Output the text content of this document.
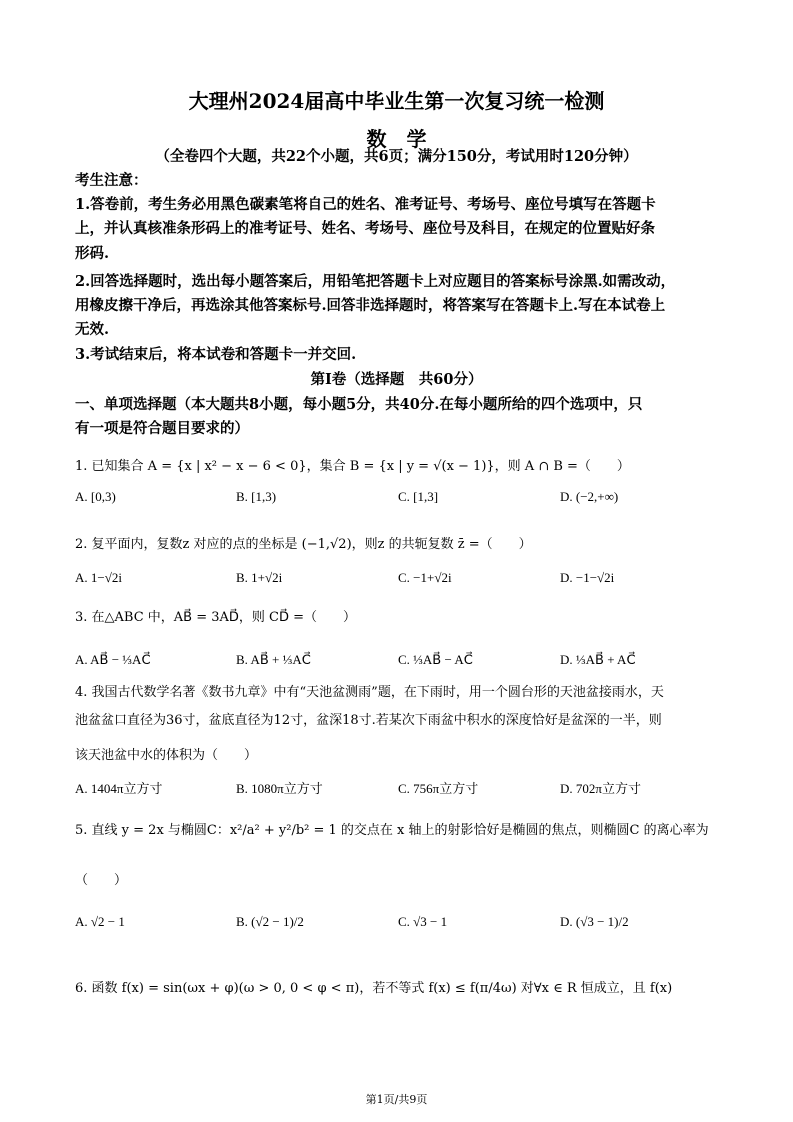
大理州2024届高中毕业生第一次复习统一检测
数　学
（全卷四个大题，共22个小题，共6页；满分150分，考试用时120分钟）
考生注意：
1.答卷前，考生务必用黑色碳素笔将自己的姓名、准考证号、考场号、座位号填写在答题卡
上，并认真核准条形码上的准考证号、姓名、考场号、座位号及科目，在规定的位置贴好条
形码.
2.回答选择题时，选出每小题答案后，用铅笔把答题卡上对应题目的答案标号涂黑.如需改动，
用橡皮擦干净后，再选涂其他答案标号.回答非选择题时，将答案写在答题卡上.写在本试卷上
无效.
3.考试结束后，将本试卷和答题卡一并交回.
第Ⅰ卷（选择题　共60分）
一、单项选择题（本大题共8小题，每小题5分，共40分.在每小题所给的四个选项中，只
有一项是符合题目要求的）
1. 已知集合 A = {x | x² − x − 6 < 0}，集合 B = {x | y = √(x − 1)}，则 A ∩ B =（　　）
A. [0,3)	B. [1,3)	C. [1,3]	D. (−2,+∞)
2. 复平面内，复数z 对应的点的坐标是 (−1,√2)，则z 的共轭复数 z̄ =（　　）
A. 1−√2i	B. 1+√2i	C. −1+√2i	D. −1−√2i
3. 在△ABC 中，AB⃗ = 3AD⃗，则 CD⃗ =（　　）
A. AB⃗ − ⅓AC⃗	B. AB⃗ + ⅓AC⃗	C. ⅓AB⃗ − AC⃗	D. ⅓AB⃗ + AC⃗
4. 我国古代数学名著《数书九章》中有“天池盆测雨”题，在下雨时，用一个圆台形的天池盆接雨水，天
池盆盆口直径为36寸，盆底直径为12寸，盆深18寸.若某次下雨盆中积水的深度恰好是盆深的一半，则
该天池盆中水的体积为（　　）
A. 1404π立方寸	B. 1080π立方寸	C. 756π立方寸	D. 702π立方寸
5. 直线 y = 2x 与椭圆C：x²/a² + y²/b² = 1 的交点在 x 轴上的射影恰好是椭圆的焦点，则椭圆C 的离心率为
（　　）
A. √2 − 1	B. (√2 − 1)/2	C. √3 − 1	D. (√3 − 1)/2
6. 函数 f(x) = sin(ωx + φ)(ω > 0, 0 < φ < π)，若不等式 f(x) ≤ f(π/4ω) 对∀x ∈ R 恒成立，且 f(x)
第1页/共9页
